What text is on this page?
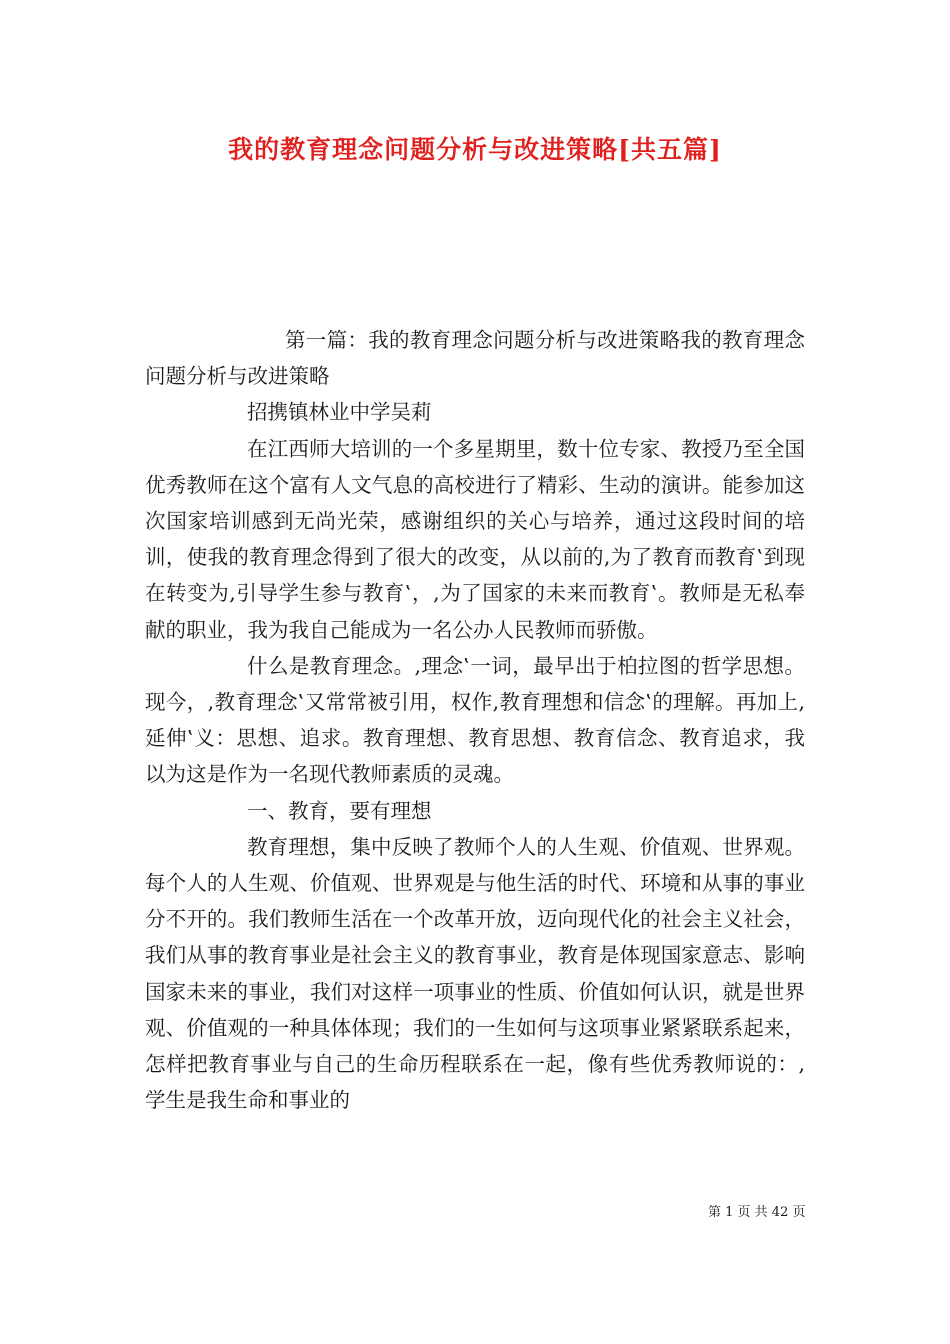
我的教育理念问题分析与改进策略[共五篇]

第一篇：我的教育理念问题分析与改进策略我的教育理念问题分析与改进策略

招携镇林业中学吴莉

在江西师大培训的一个多星期里，数十位专家、教授乃至全国优秀教师在这个富有人文气息的高校进行了精彩、生动的演讲。能参加这次国家培训感到无尚光荣，感谢组织的关心与培养，通过这段时间的培训，使我的教育理念得到了很大的改变，从以前的,为了教育而教育‛到现在转变为,引导学生参与教育‛，,为了国家的未来而教育‛。教师是无私奉献的职业，我为我自己能成为一名公办人民教师而骄傲。

什么是教育理念。,理念‛一词，最早出于柏拉图的哲学思想。现今，,教育理念‛又常常被引用，权作,教育理想和信念‛的理解。再加上,延伸‛义：思想、追求。教育理想、教育思想、教育信念、教育追求，我以为这是作为一名现代教师素质的灵魂。

一、教育，要有理想

教育理想，集中反映了教师个人的人生观、价值观、世界观。每个人的人生观、价值观、世界观是与他生活的时代、环境和从事的事业分不开的。我们教师生活在一个改革开放，迈向现代化的社会主义社会，我们从事的教育事业是社会主义的教育事业，教育是体现国家意志、影响国家未来的事业，我们对这样一项事业的性质、价值如何认识，就是世界观、价值观的一种具体体现；我们的一生如何与这项事业紧紧联系起来，怎样把教育事业与自己的生命历程联系在一起，像有些优秀教师说的：,学生是我生命和事业的

第 1 页 共 42 页
